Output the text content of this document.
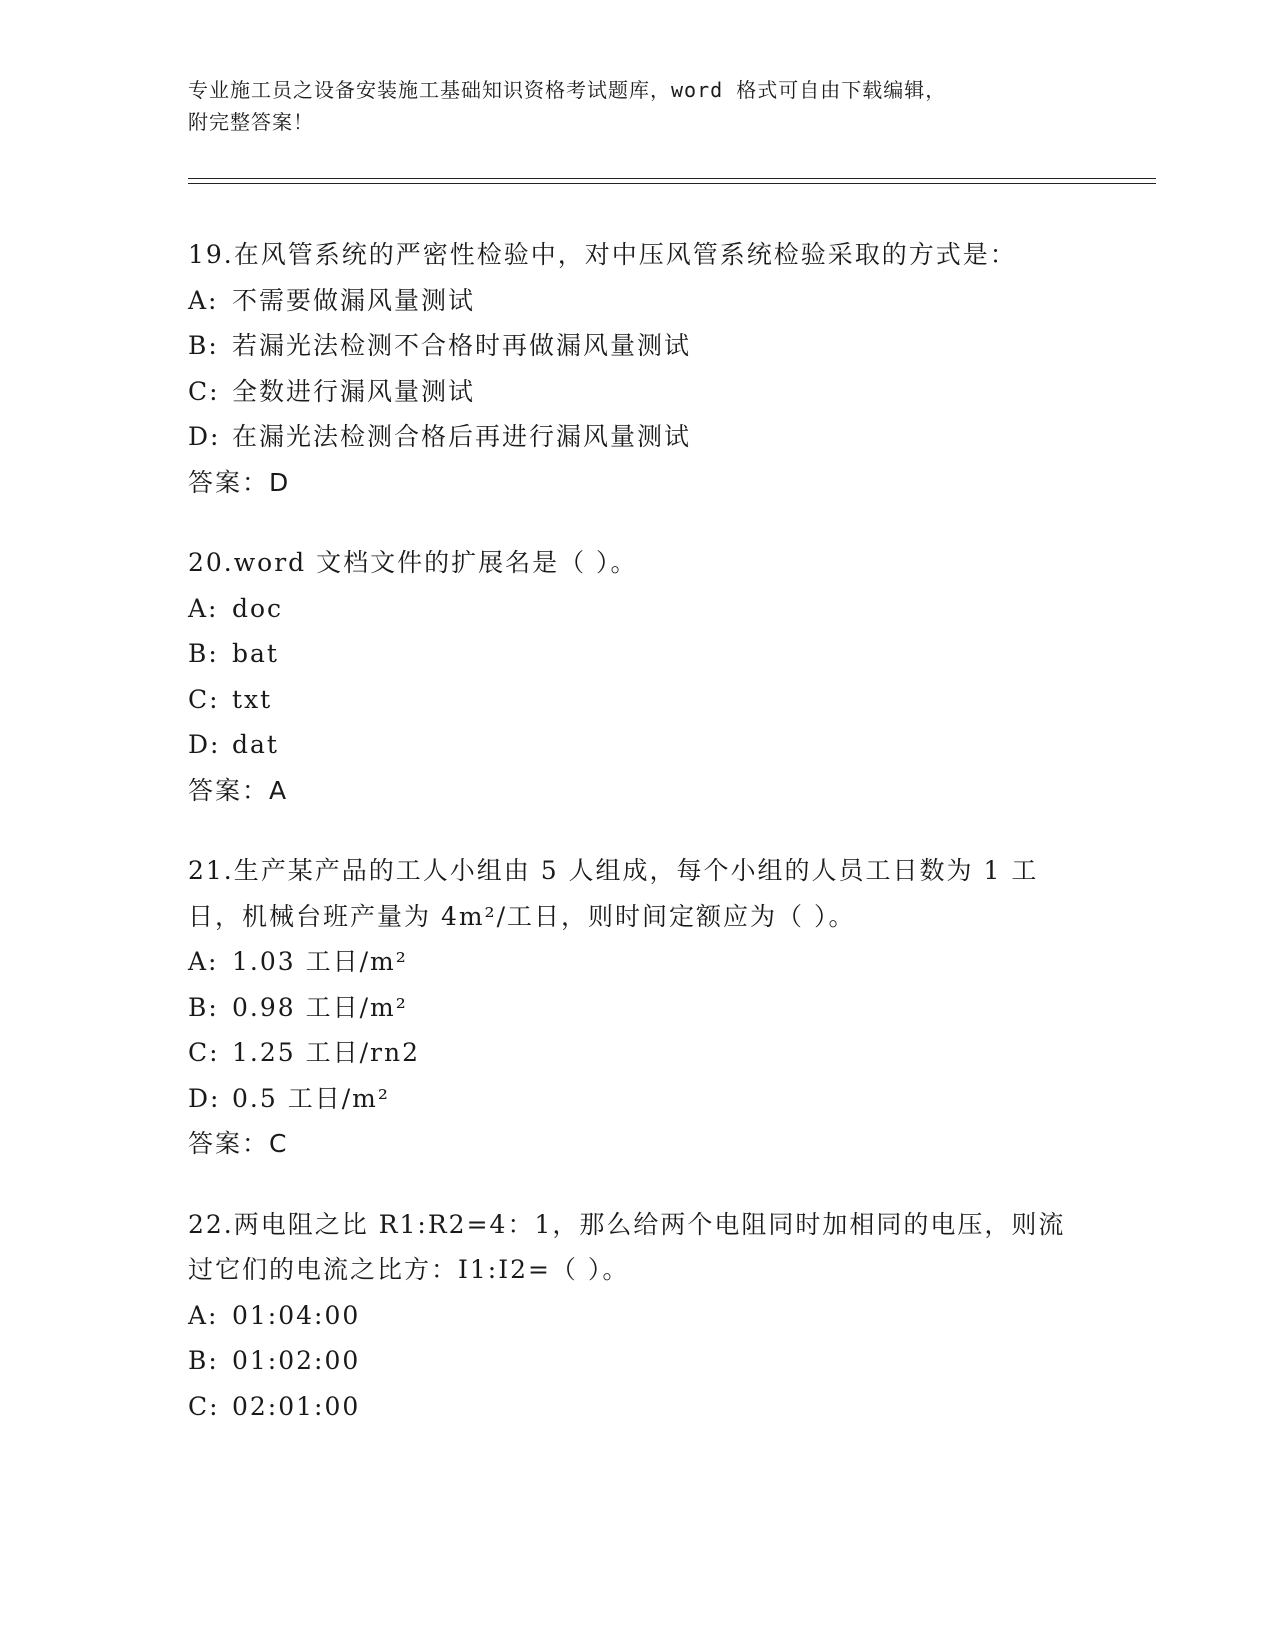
专业施工员之设备安装施工基础知识资格考试题库，word 格式可自由下载编辑，
附完整答案！
19.在风管系统的严密性检验中，对中压风管系统检验采取的方式是：
A: 不需要做漏风量测试
B: 若漏光法检测不合格时再做漏风量测试
C: 全数进行漏风量测试
D: 在漏光法检测合格后再进行漏风量测试
答案：D
20.word 文档文件的扩展名是（ ）。
A: doc
B: bat
C: txt
D: dat
答案：A
21.生产某产品的工人小组由 5 人组成，每个小组的人员工日数为 1 工
日，机械台班产量为 4m²/工日，则时间定额应为（ ）。
A: 1.03 工日/m²
B: 0.98 工日/m²
C: 1.25 工日/rn2
D: 0.5 工日/m²
答案：C
22.两电阻之比 R1:R2=4：1，那么给两个电阻同时加相同的电压，则流
过它们的电流之比方：I1:I2=（ ）。
A: 01:04:00
B: 01:02:00
C: 02:01:00
